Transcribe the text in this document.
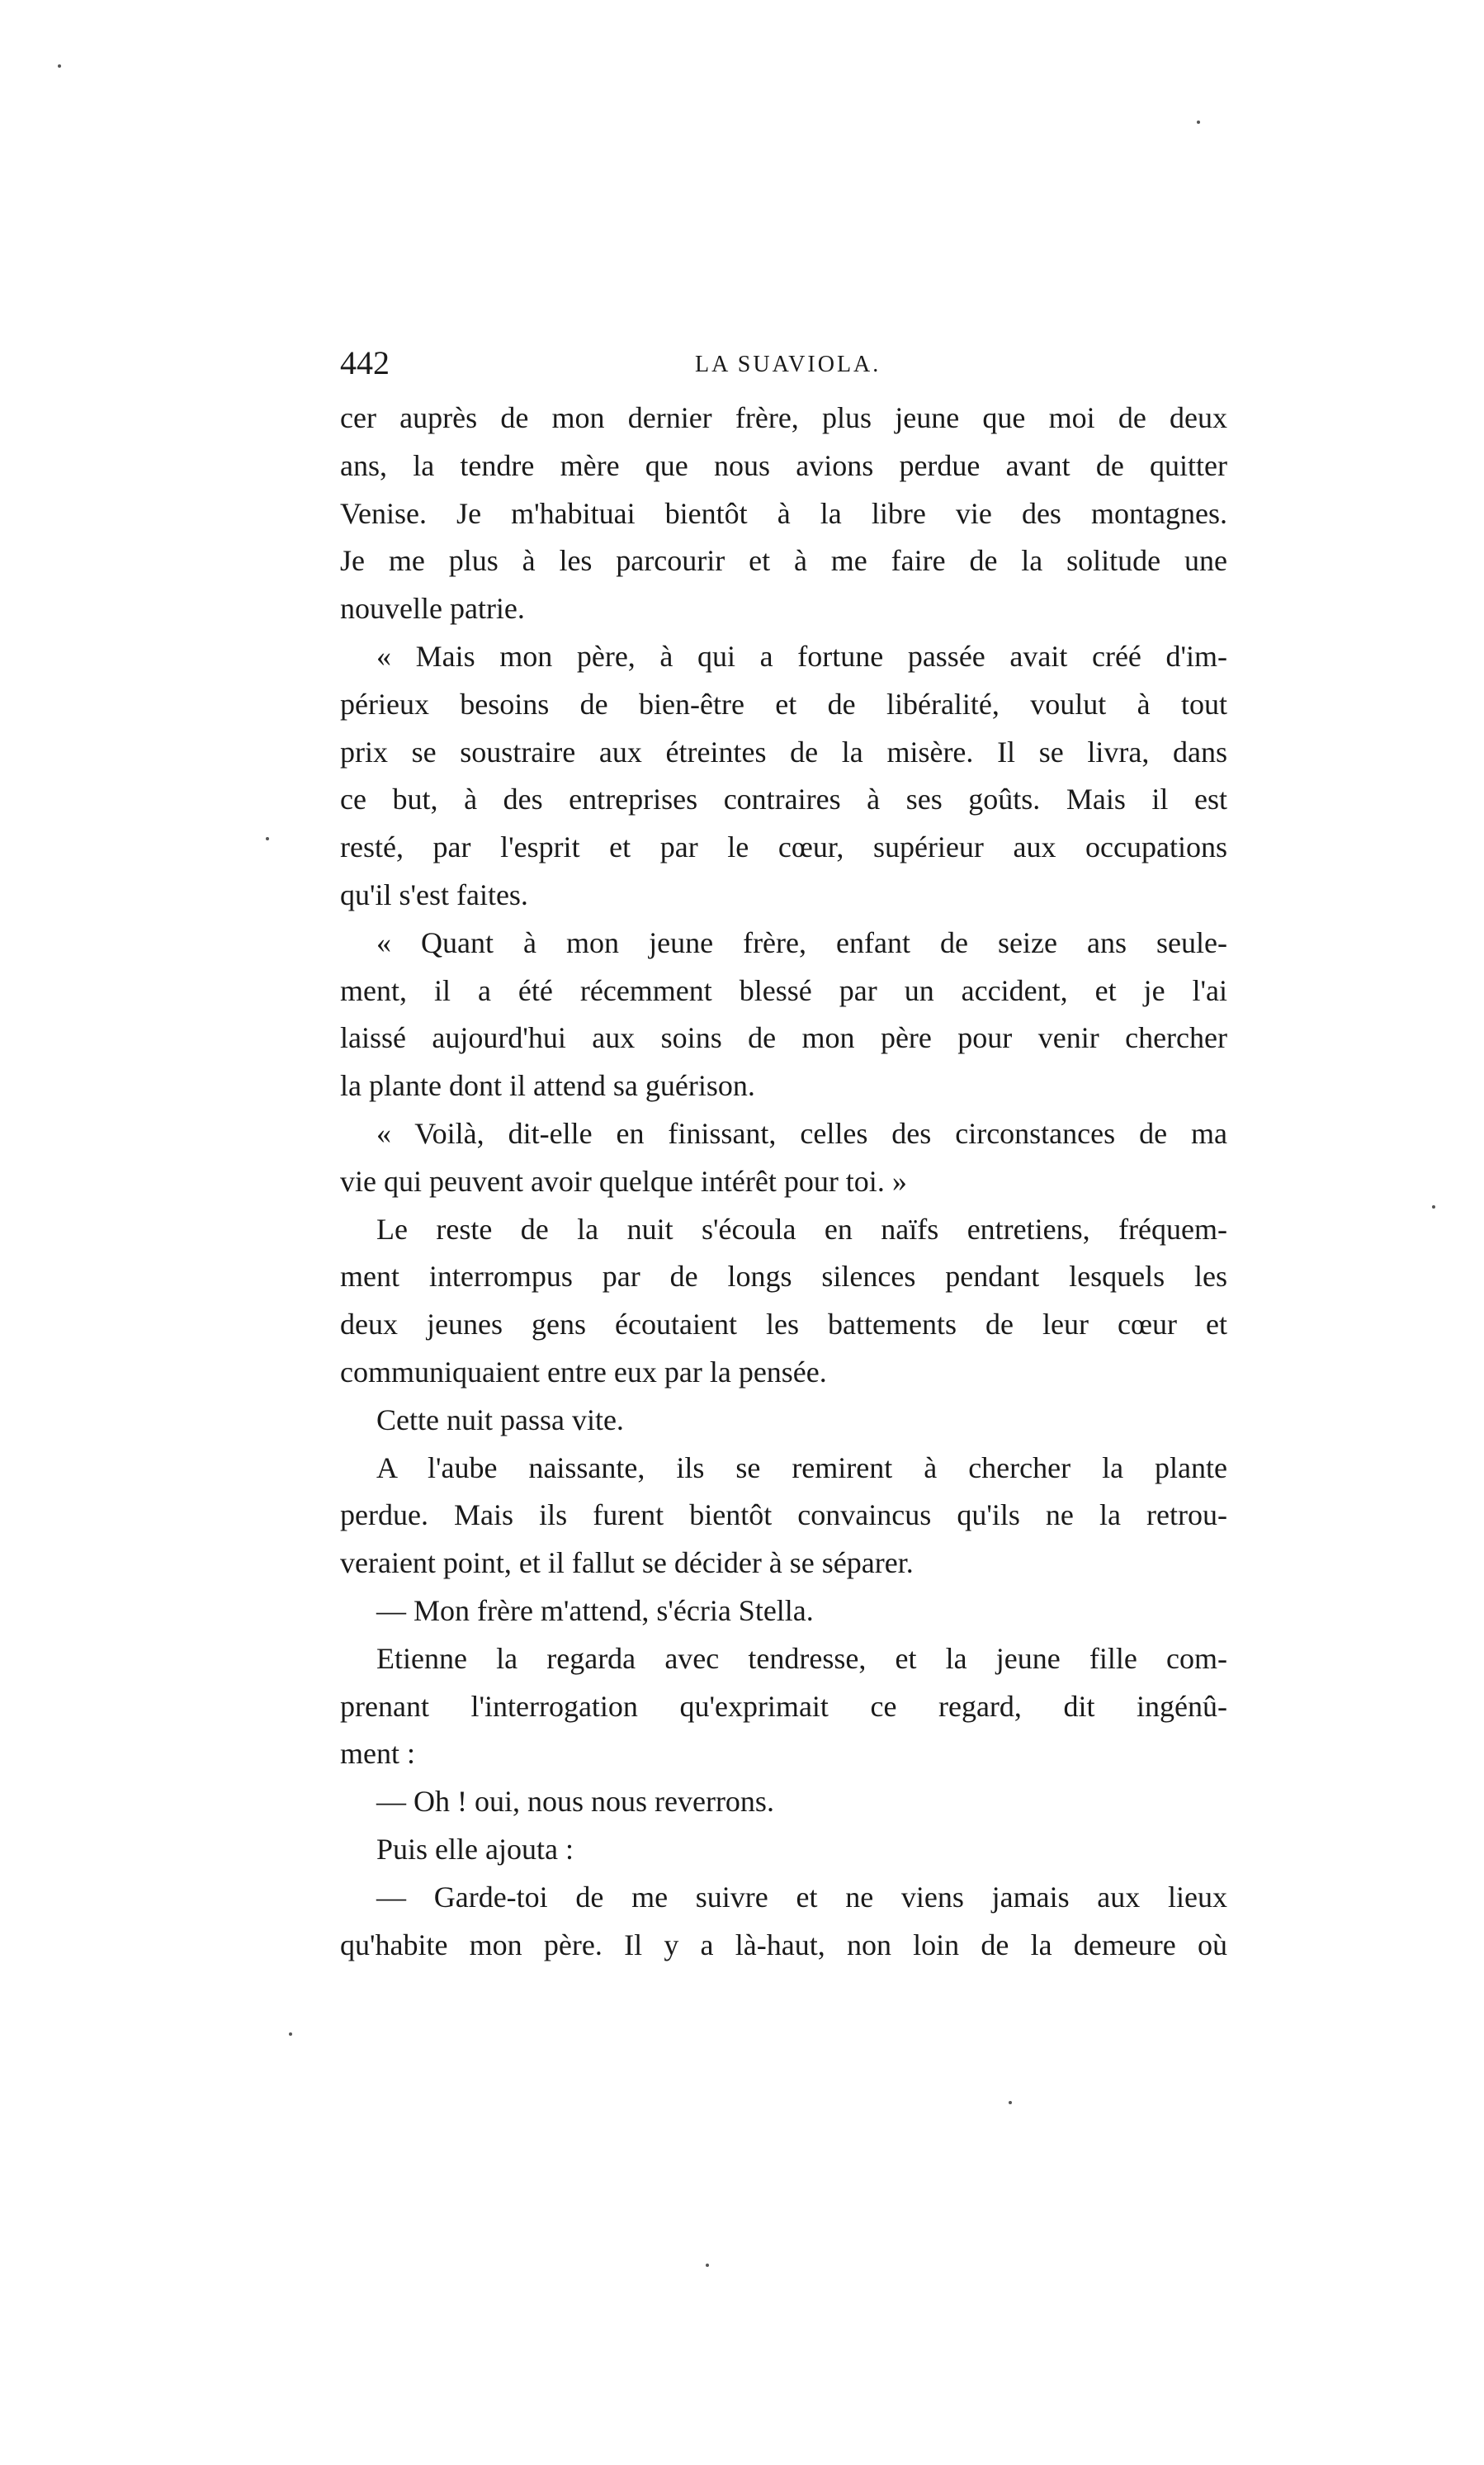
442	LA SUAVIOLA.
cer auprès de mon dernier frère, plus jeune que moi de deux
ans, la tendre mère que nous avions perdue avant de quitter
Venise. Je m'habituai bientôt à la libre vie des montagnes.
Je me plus à les parcourir et à me faire de la solitude une
nouvelle patrie.
« Mais mon père, à qui a fortune passée avait créé d'im-
périeux besoins de bien-être et de libéralité, voulut à tout
prix se soustraire aux étreintes de la misère. Il se livra, dans
ce but, à des entreprises contraires à ses goûts. Mais il est
resté, par l'esprit et par le cœur, supérieur aux occupations
qu'il s'est faites.
« Quant à mon jeune frère, enfant de seize ans seule-
ment, il a été récemment blessé par un accident, et je l'ai
laissé aujourd'hui aux soins de mon père pour venir chercher
la plante dont il attend sa guérison.
« Voilà, dit-elle en finissant, celles des circonstances de ma
vie qui peuvent avoir quelque intérêt pour toi. »
Le reste de la nuit s'écoula en naïfs entretiens, fréquem-
ment interrompus par de longs silences pendant lesquels les
deux jeunes gens écoutaient les battements de leur cœur et
communiquaient entre eux par la pensée.
Cette nuit passa vite.
A l'aube naissante, ils se remirent à chercher la plante
perdue. Mais ils furent bientôt convaincus qu'ils ne la retrou-
veraient point, et il fallut se décider à se séparer.
— Mon frère m'attend, s'écria Stella.
Etienne la regarda avec tendresse, et la jeune fille com-
prenant l'interrogation qu'exprimait ce regard, dit ingénû-
ment :
— Oh ! oui, nous nous reverrons.
Puis elle ajouta :
— Garde-toi de me suivre et ne viens jamais aux lieux
qu'habite mon père. Il y a là-haut, non loin de la demeure où
